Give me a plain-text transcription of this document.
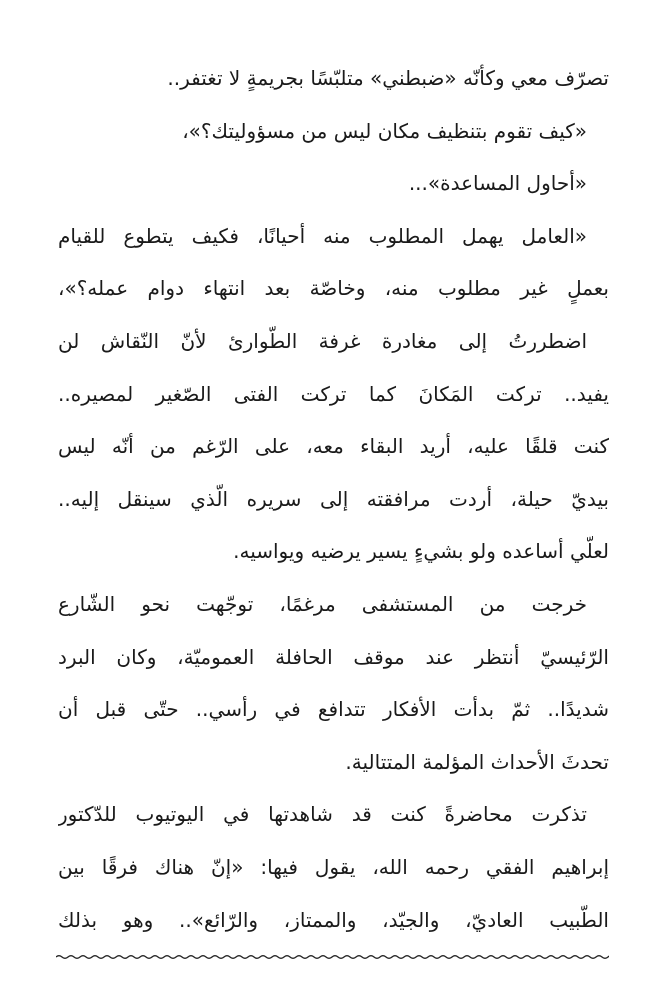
تصرّف معي وكأنّه «ضبطني» متلبّسًا بجريمةٍ لا تغتفر..
«كيف تقوم بتنظيف مكان ليس من مسؤوليتك؟»،
«أحاول المساعدة»...
«العامل يهمل المطلوب منه أحيانًا، فكيف يتطوع للقيام
بعملٍ غير مطلوب منه، وخاصّة بعد انتهاء دوام عمله؟»،
اضطررتُ إلى مغادرة غرفة الطّوارئ لأنّ النّقاش لن
يفيد.. تركت المَكانَ كما تركت الفتى الصّغير لمصيره..
كنت قلقًا عليه، أريد البقاء معه، على الرّغم من أنّه ليس
بيديّ حيلة، أردت مرافقته إلى سريره الّذي سينقل إليه..
لعلّي أساعده ولو بشيءٍ يسير يرضيه ويواسيه.
خرجت من المستشفى مرغمًا، توجّهت نحو الشّارع
الرّئيسيّ أنتظر عند موقف الحافلة العموميّة، وكان البرد
شديدًا.. ثمّ بدأت الأفكار تتدافع في رأسي.. حتّى قبل أن
تحدثَ الأحداث المؤلمة المتتالية.
تذكرت محاضرةً كنت قد شاهدتها في اليوتيوب للدّكتور
إبراهيم الفقي رحمه الله، يقول فيها: «إنّ هناك فرقًا بين
الطّبيب العاديّ، والجيّد، والممتاز، والرّائع».. وهو بذلك
